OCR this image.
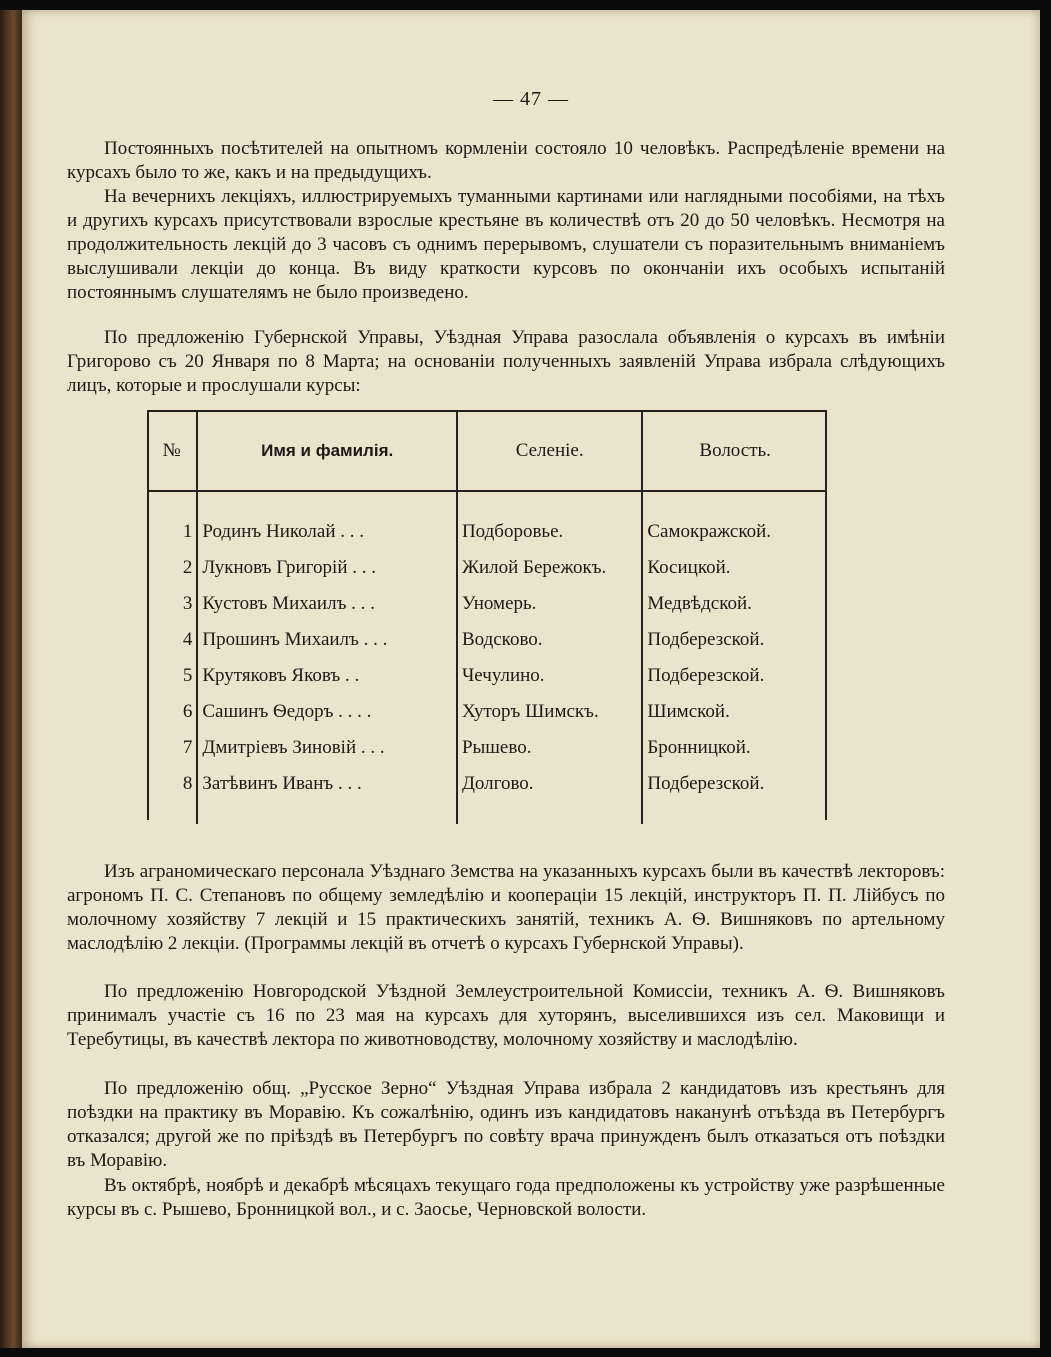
— 47 —

Постоянныхъ посѣтителей на опытномъ кормленіи состояло 10 человѣкъ. Распредѣленіе времени на курсахъ было то же, какъ и на предыдущихъ.

На вечернихъ лекціяхъ, иллюстрируемыхъ туманными картинами или наглядными пособіями, на тѣхъ и другихъ курсахъ присутствовали взрослые крестьяне въ количествѣ отъ 20 до 50 человѣкъ. Несмотря на продолжительность лекцій до 3 часовъ съ однимъ перерывомъ, слушатели съ поразительнымъ вниманіемъ выслушивали лекціи до конца. Въ виду краткости курсовъ по окончаніи ихъ особыхъ испытаній постояннымъ слушателямъ не было произведено.

По предложенію Губернской Управы, Уѣздная Управа разослала объявленія о курсахъ въ имѣніи Григорово съ 20 Января по 8 Марта; на основаніи полученныхъ заявленій Управа избрала слѣдующихъ лицъ, которые и прослушали курсы:

№	Имя и фамилія.	Селеніе.	Волость.
1	Родинъ Николай . . .	Подборовье.	Самокражской.
2	Лукновъ Григорій . . .	Жилой Бережокъ.	Косицкой.
3	Кустовъ Михаилъ . . .	Уномерь.	Медвѣдской.
4	Прошинъ Михаилъ . . .	Водсково.	Подберезской.
5	Крутяковъ Яковъ . .	Чечулино.	Подберезской.
6	Сашинъ Ѳедоръ . . . .	Хуторъ Шимскъ.	Шимской.
7	Дмитріевъ Зиновій . . .	Рышево.	Бронницкой.
8	Затѣвинъ Иванъ . . .	Долгово.	Подберезской.

Изъ аграномическаго персонала Уѣзднаго Земства на указанныхъ курсахъ были въ качествѣ лекторовъ: агрономъ П. С. Степановъ по общему земледѣлію и кооперацiи 15 лекцій, инструкторъ П. П. Лійбусъ по молочному хозяйству 7 лекцій и 15 практическихъ занятій, техникъ А. Ѳ. Вишняковъ по артельному маслодѣлію 2 лекціи. (Программы лекцій въ отчетѣ о курсахъ Губернской Управы).

По предложенію Новгородской Уѣздной Землеустроительной Комиссіи, техникъ А. Ѳ. Вишняковъ принималъ участіе съ 16 по 23 мая на курсахъ для хуторянъ, выселившихся изъ сел. Маковищи и Теребутицы, въ качествѣ лектора по животноводству, молочному хозяйству и маслодѣлію.

По предложенію общ. „Русское Зерно“ Уѣздная Управа избрала 2 кандидатовъ изъ крестьянъ для поѣздки на практику въ Моравію. Къ сожалѣнію, одинъ изъ кандидатовъ наканунѣ отъѣзда въ Петербургъ отказался; другой же по пріѣздѣ въ Петербургъ по совѣту врача принужденъ былъ отказаться отъ поѣздки въ Моравію.

Въ октябрѣ, ноябрѣ и декабрѣ мѣсяцахъ текущаго года предположены къ устройству уже разрѣшенные курсы въ с. Рышево, Бронницкой вол., и с. Заосье, Черновской волости.
